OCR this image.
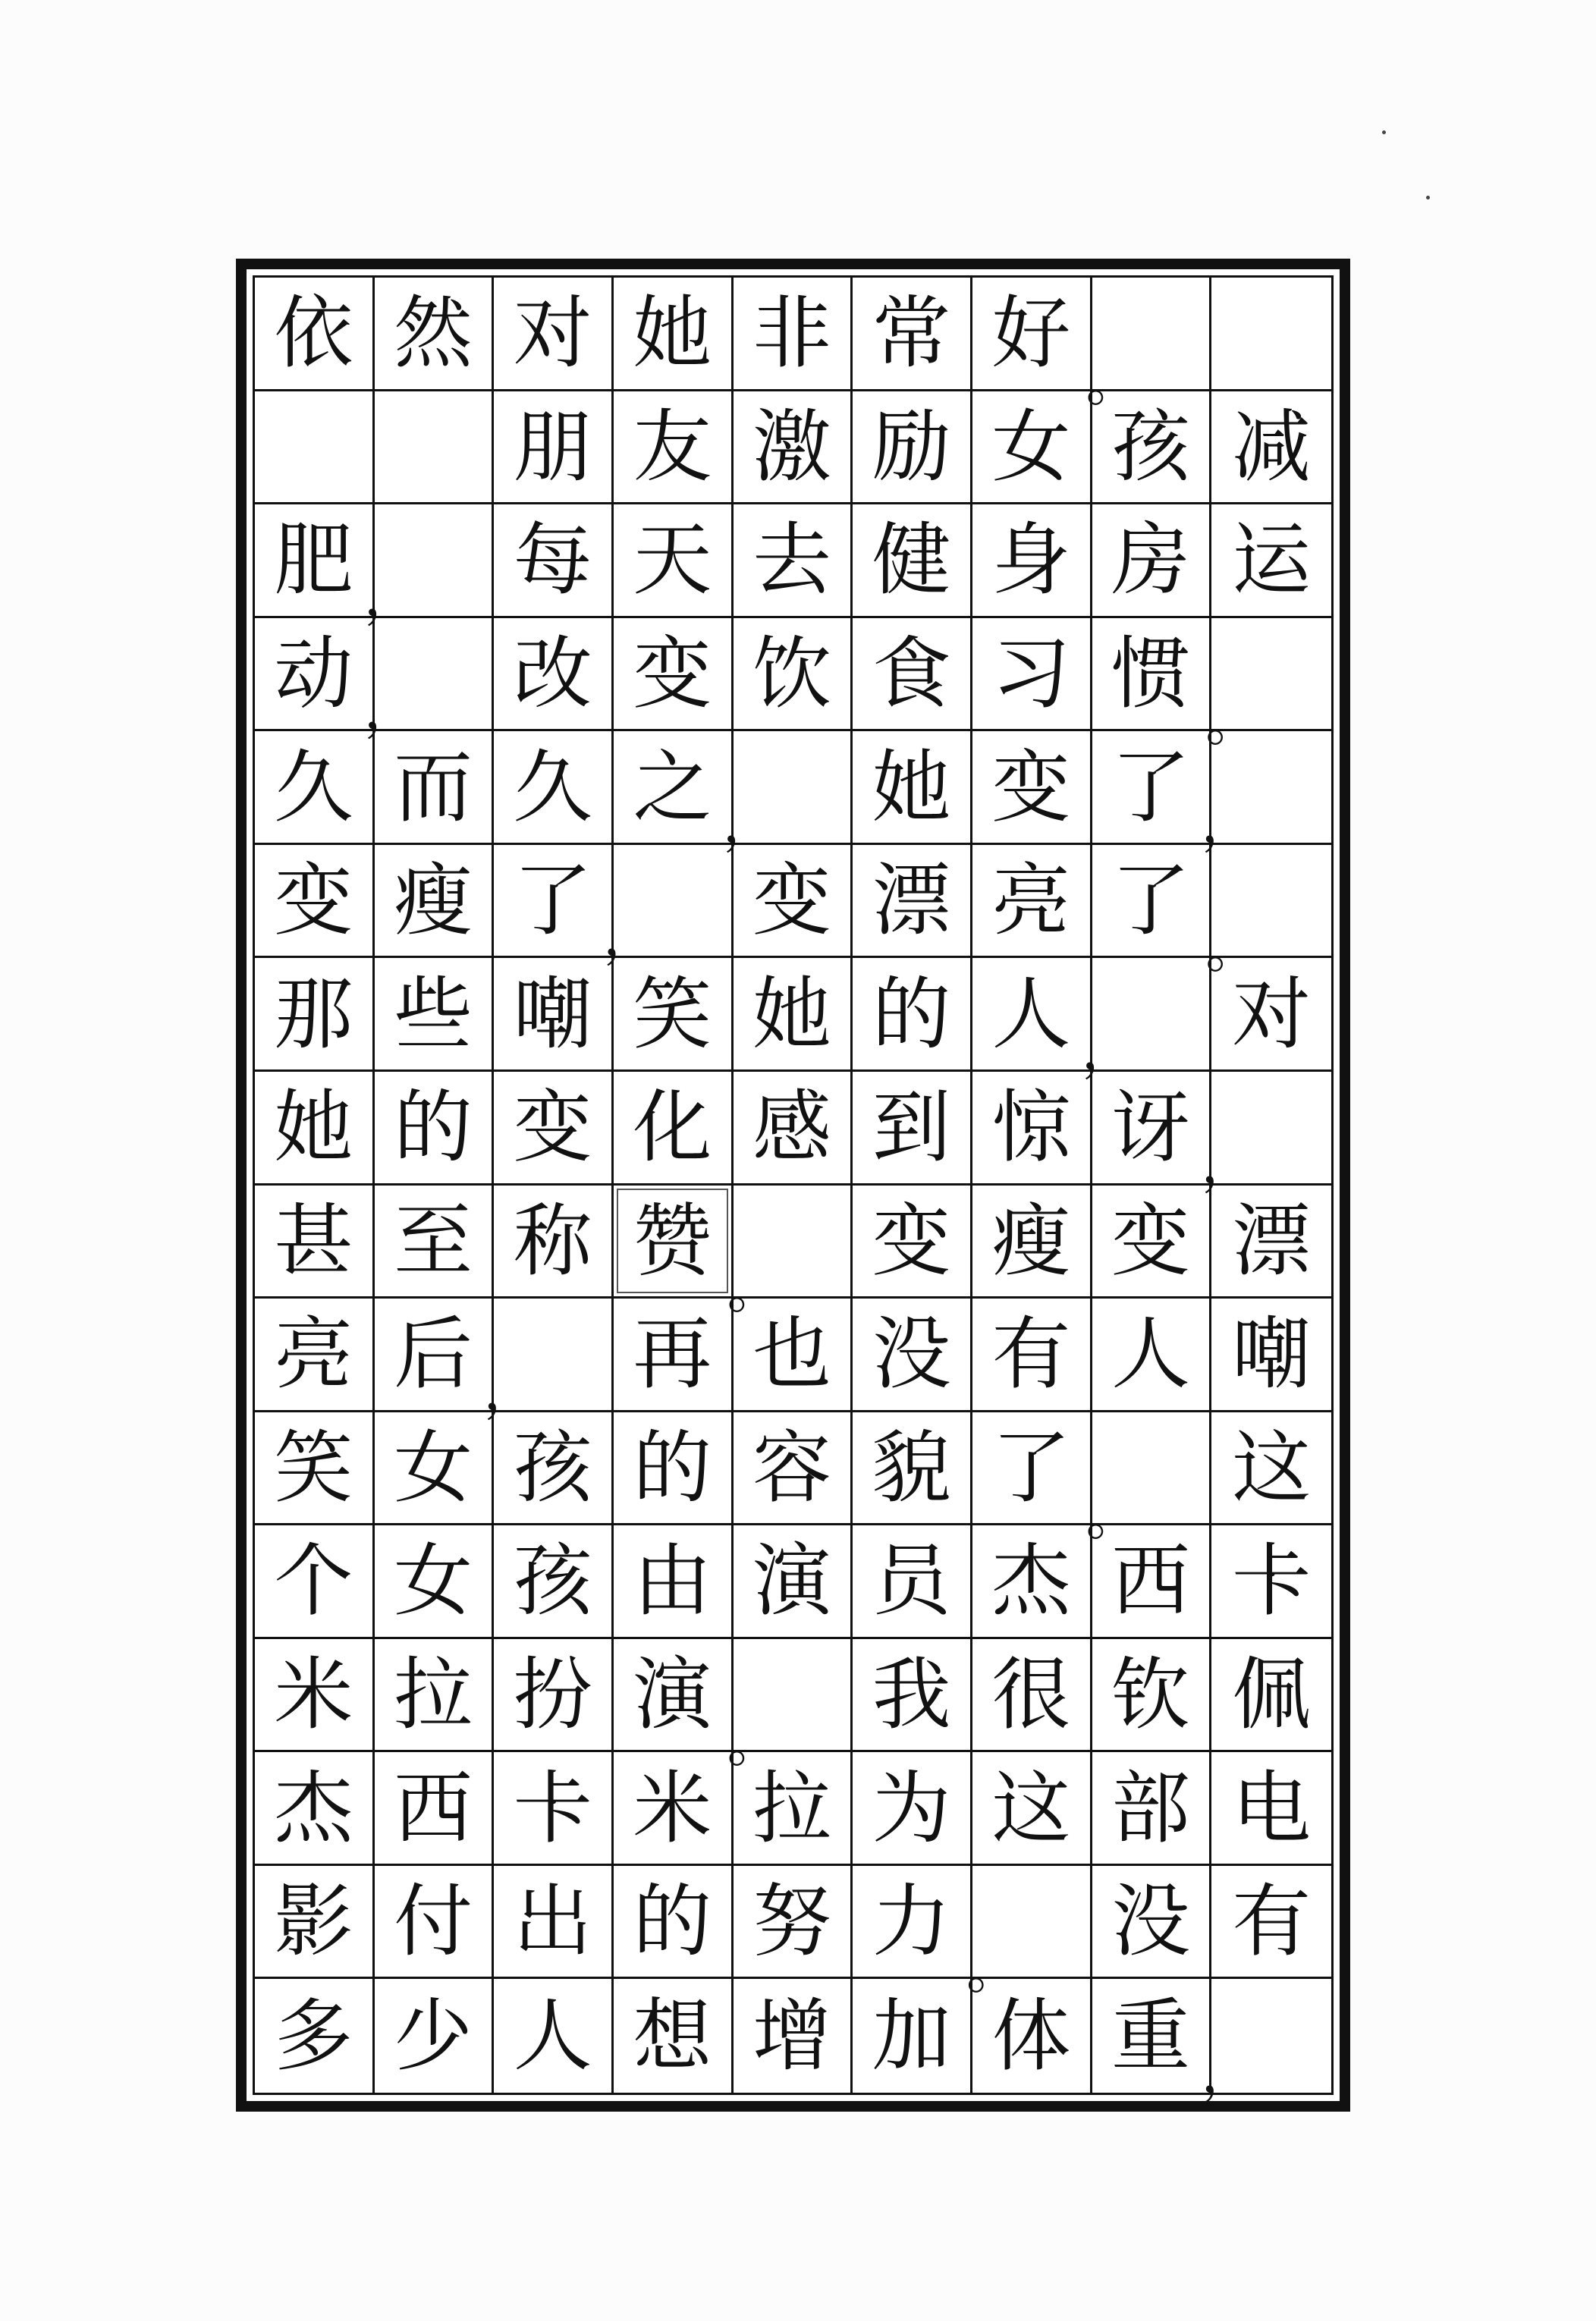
依 然 对 她 非 常 好
。
朋 友 激 励 女 孩 减
肥 ， 每 天 去 健 身 房 运
动 ， 改 变 饮 食 习 惯
。
久 而 久 之 ， 她 变 了 ，
变 瘦 了 ， 变 漂 亮 了
。
那 些 嘲 笑 她 的 人 ， 对
她 的 变 化 感 到 惊 讶 ，
甚 至 称 赞
。
变 瘦 变 漂
亮 后 ， 再 也 没 有 人 嘲
笑 女 孩 的 容 貌 了
。
这
个 女 孩 由 演 员 杰 西 卡
米 拉 扮 演
。
我 很 钦 佩
杰 西 卡 米 拉 为 这 部 电
影 付 出 的 努 力
。
没 有
多 少 人 想 增 加 体 重 ，
